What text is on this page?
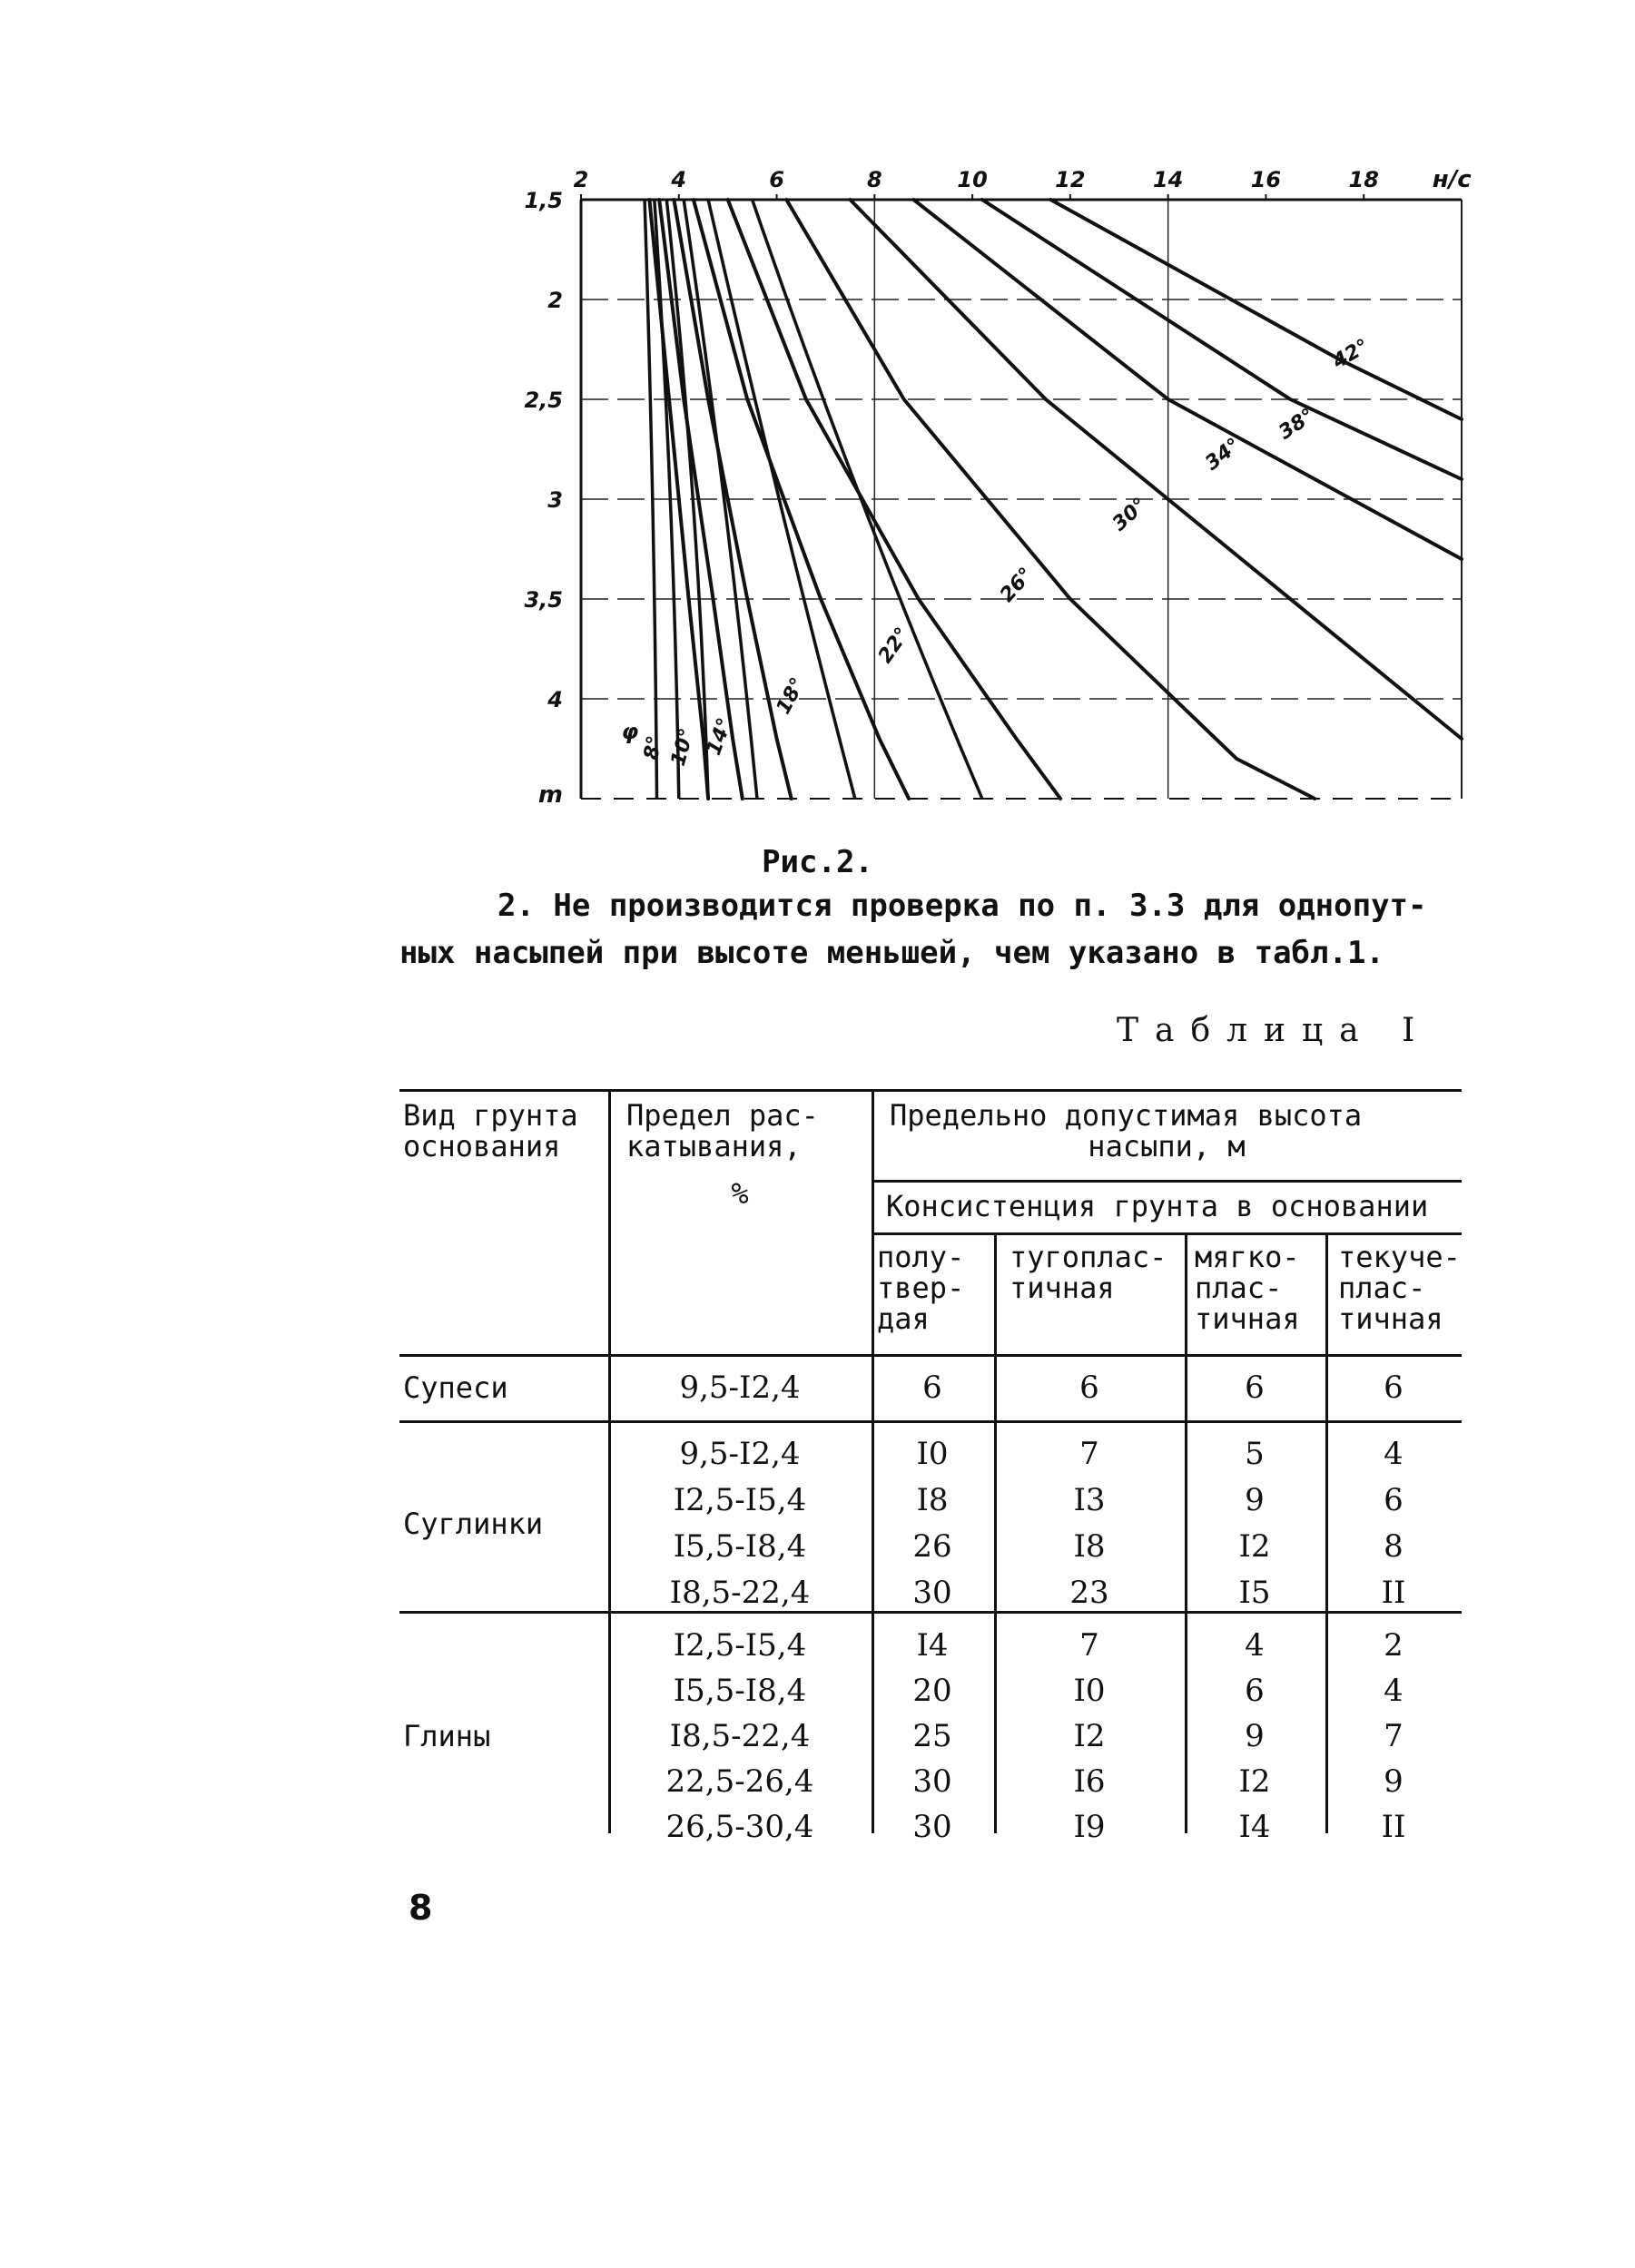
2	4	6	8	10	12	14	16	18 н/с
1,5
2
2,5
3
3,5
4
m
φ
8° 10° 14°
18°
22°
26°
30°
34°
38°
42°
Рис.2.
2. Не производится проверка по п. 3.3 для однопут-
ных насыпей при высоте меньшей, чем указано в табл.1.
Таблица I
Вид грунта
основания
Предел рас-
катывания,
%
Предельно допустимая высота
насыпи, м
Консистенция грунта в основании
полу-
твер-
дая
тугоплас-
тичная
мягко-
плас-
тичная
текуче-
плас-
тичная
Супеси	9,5-I2,4	6	6	6	6
Суглинки
9,5-I2,4	I0	7	5	4
I2,5-I5,4	I8	I3	9	6
I5,5-I8,4	26	I8	I2	8
I8,5-22,4	30	23	I5	II
Глины
I2,5-I5,4	I4	7	4	2
I5,5-I8,4	20	I0	6	4
I8,5-22,4	25	I2	9	7
22,5-26,4	30	I6	I2	9
26,5-30,4	30	I9	I4	II
8
